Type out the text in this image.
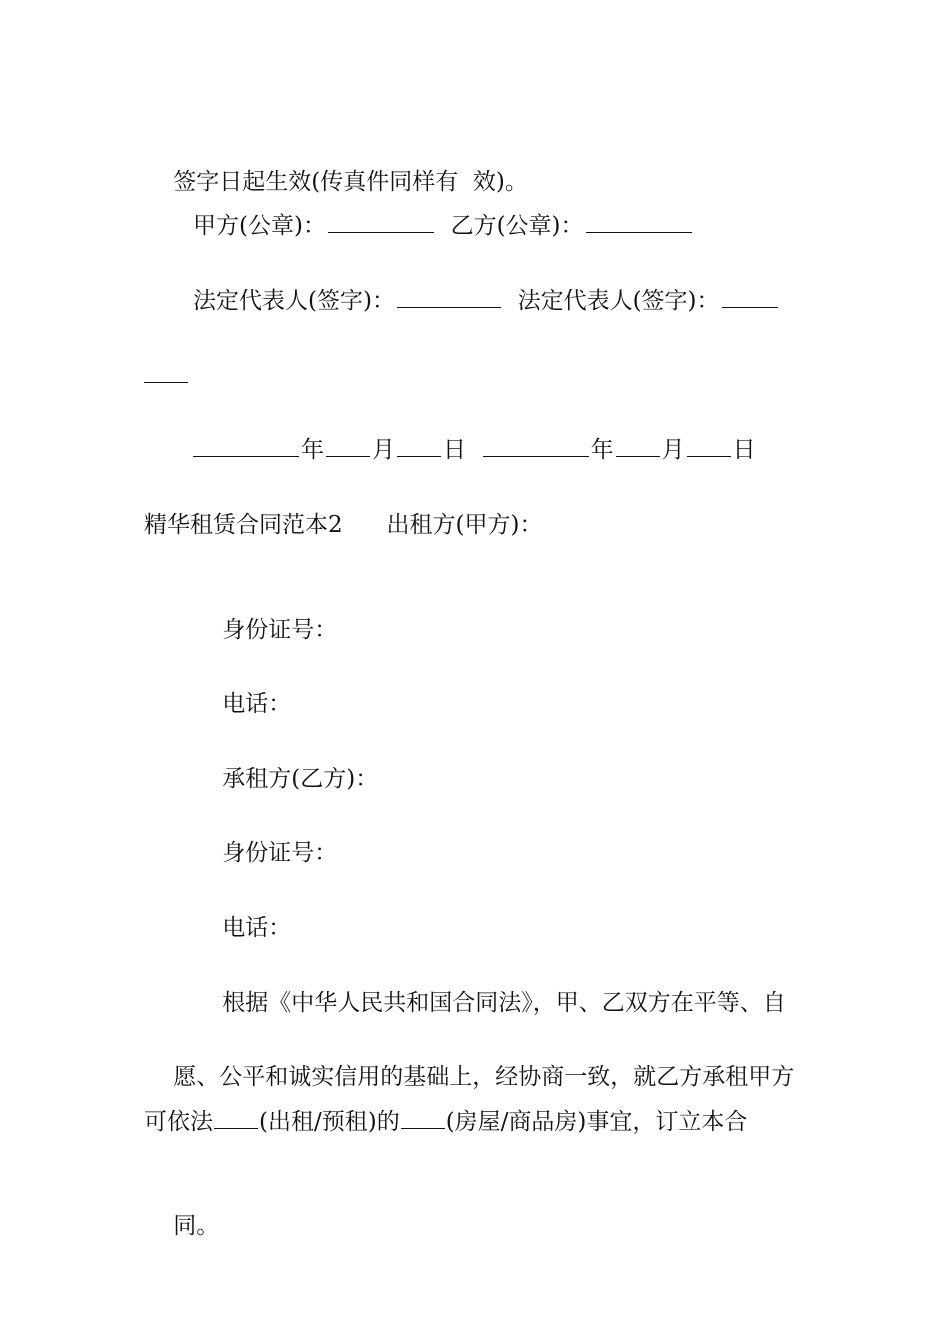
签字日起生效(传真件同样有  效)。

甲方(公章)：	乙方(公章)：
法定代表人(签字)：	法定代表人(签字)：
年 月 日	年 月 日
精华租赁合同范本2 出租方(甲方)：

身份证号：

电话：

承租方(乙方)：

身份证号：

电话：

根据《中华人民共和国合同法》，甲、乙双方在平等、自

愿、公平和诚实信用的基础上，经协商一致，就乙方承租甲方

可依法 (出租/预租)的 (房屋/商品房)事宜，订立本合

同。
